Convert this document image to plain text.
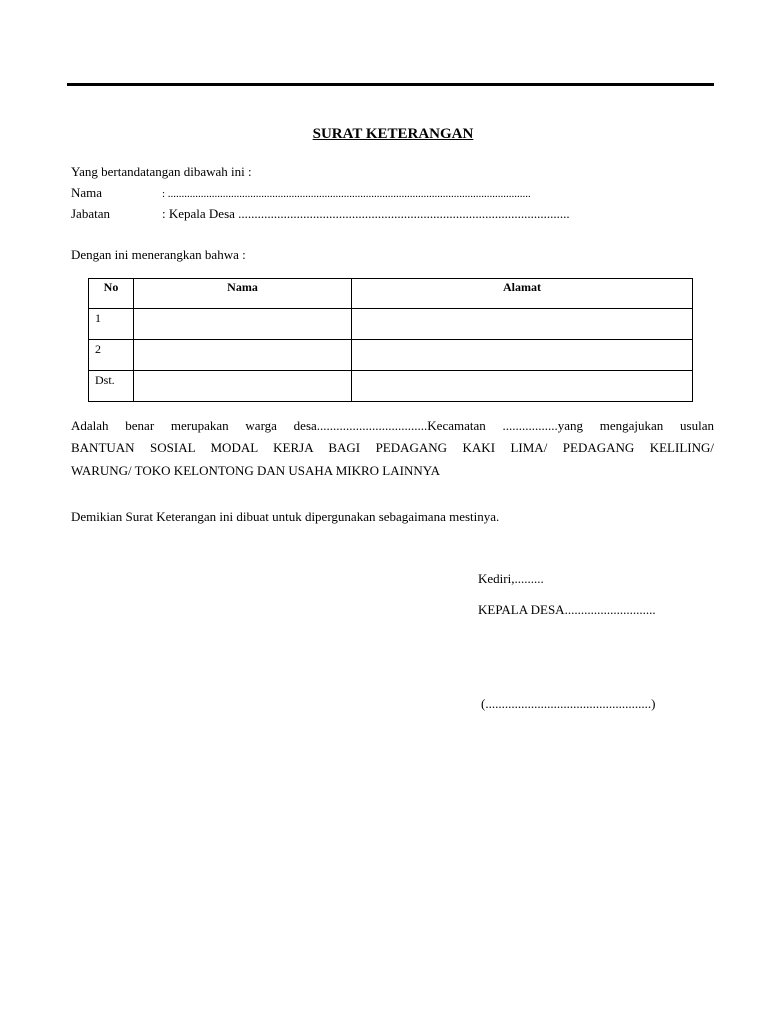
SURAT KETERANGAN
Yang bertandatangan dibawah ini :
Nama	: ....................................................................................................................................
Jabatan	: Kepala Desa ......................................................................................................
Dengan ini menerangkan bahwa :
No	Nama	Alamat
1		
2		
Dst.		
Adalah benar merupakan warga desa..................................Kecamatan .................yang mengajukan usulan
BANTUAN SOSIAL MODAL KERJA BAGI PEDAGANG KAKI LIMA/ PEDAGANG KELILING/
WARUNG/ TOKO KELONTONG DAN USAHA MIKRO LAINNYA
Demikian Surat Keterangan ini dibuat untuk dipergunakan sebagaimana mestinya.
Kediri,.........
KEPALA DESA............................
(...................................................)
